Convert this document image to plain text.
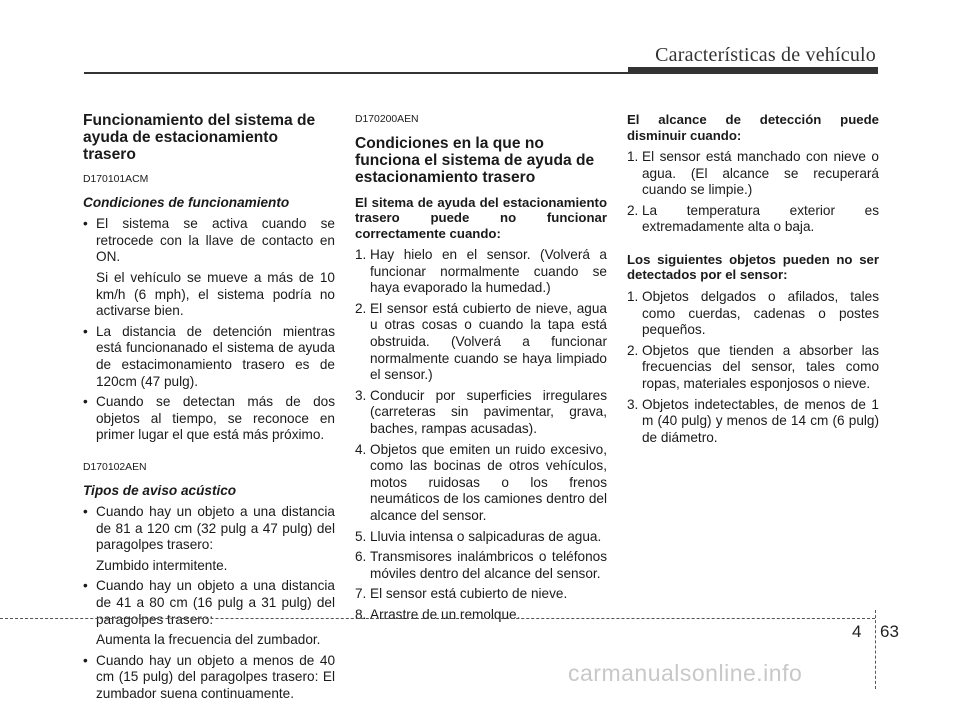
Características de vehículo
Funcionamiento del sistema de ayuda de estacionamiento trasero
D170101ACM
Condiciones de funcionamiento
• El sistema se activa cuando se retrocede con la llave de contacto en ON.
Si el vehículo se mueve a más de 10 km/h (6 mph), el sistema podría no activarse bien.
• La distancia de detención mientras está funcionanado el sistema de ayuda de estacimonamiento trasero es de 120cm (47 pulg).
• Cuando se detectan más de dos objetos al tiempo, se reconoce en primer lugar el que está más próximo.
D170102AEN
Tipos de aviso acústico
• Cuando hay un objeto a una distancia de 81 a 120 cm (32 pulg a 47 pulg) del paragolpes trasero:
Zumbido intermitente.
• Cuando hay un objeto a una distancia de 41 a 80 cm (16 pulg a 31 pulg) del paragolpes trasero:
Aumenta la frecuencia del zumbador.
• Cuando hay un objeto a menos de 40 cm (15 pulg) del paragolpes trasero: El zumbador suena continuamente.
D170200AEN
Condiciones en la que no funciona el sistema de ayuda de estacionamiento trasero
El sitema de ayuda del estacionamiento trasero puede no funcionar correctamente cuando:
1. Hay hielo en el sensor. (Volverá a funcionar normalmente cuando se haya evaporado la humedad.)
2. El sensor está cubierto de nieve, agua u otras cosas o cuando la tapa está obstruida. (Volverá a funcionar normalmente cuando se haya limpiado el sensor.)
3. Conducir por superficies irregulares (carreteras sin pavimentar, grava, baches, rampas acusadas).
4. Objetos que emiten un ruido excesivo, como las bocinas de otros vehículos, motos ruidosas o los frenos neumáticos de los camiones dentro del alcance del sensor.
5. Lluvia intensa o salpicaduras de agua.
6. Transmisores inalámbricos o teléfonos móviles dentro del alcance del sensor.
7. El sensor está cubierto de nieve.
8. Arrastre de un remolque.
El alcance de detección puede disminuir cuando:
1. El sensor está manchado con nieve o agua. (El alcance se recuperará cuando se limpie.)
2. La temperatura exterior es extremadamente alta o baja.
Los siguientes objetos pueden no ser detectados por el sensor:
1. Objetos delgados o afilados, tales como cuerdas, cadenas o postes pequeños.
2. Objetos que tienden a absorber las frecuencias del sensor, tales como ropas, materiales esponjosos o nieve.
3. Objetos indetectables, de menos de 1 m (40 pulg) y menos de 14 cm (6 pulg) de diámetro.
4 63
carmanualsonline.info
